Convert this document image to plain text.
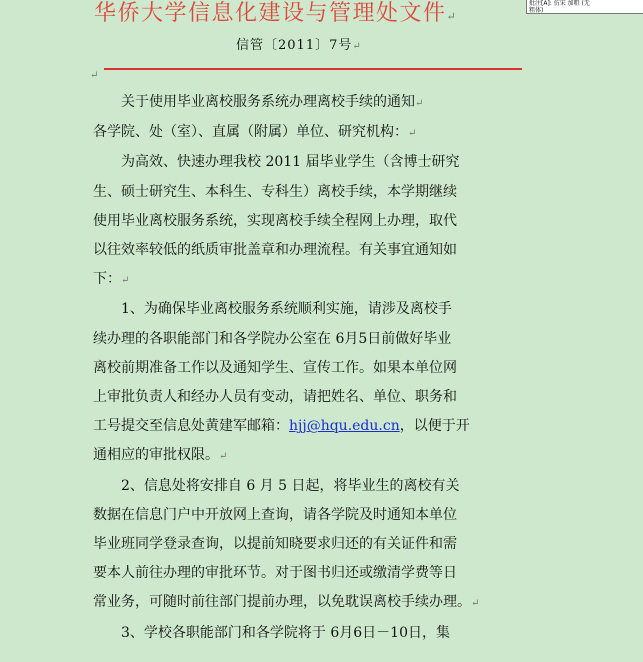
批注[A]: 仿宋 加粗 (无
粗体)
华侨大学信息化建设与管理处文件↵
信管〔2011〕7号↵
↵

关于使用毕业离校服务系统办理离校手续的通知↵

各学院、处（室）、直属（附属）单位、研究机构：↵

为高效、快速办理我校 2011 届毕业学生（含博士研究

生、硕士研究生、本科生、专科生）离校手续，本学期继续

使用毕业离校服务系统，实现离校手续全程网上办理，取代

以往效率较低的纸质审批盖章和办理流程。有关事宜通知如

下：↵

1、为确保毕业离校服务系统顺利实施，请涉及离校手

续办理的各职能部门和各学院办公室在 6月5日前做好毕业

离校前期准备工作以及通知学生、宣传工作。如果本单位网

上审批负责人和经办人员有变动，请把姓名、单位、职务和

工号提交至信息处黄建军邮箱：hjj@hqu.edu.cn，以便于开

通相应的审批权限。↵

2、信息处将安排自 6 月 5 日起，将毕业生的离校有关

数据在信息门户中开放网上查询，请各学院及时通知本单位

毕业班同学登录查询，以提前知晓要求归还的有关证件和需

要本人前往办理的审批环节。对于图书归还或缴清学费等日

常业务，可随时前往部门提前办理，以免耽误离校手续办理。↵

3、学校各职能部门和各学院将于 6月6日－10日，集
